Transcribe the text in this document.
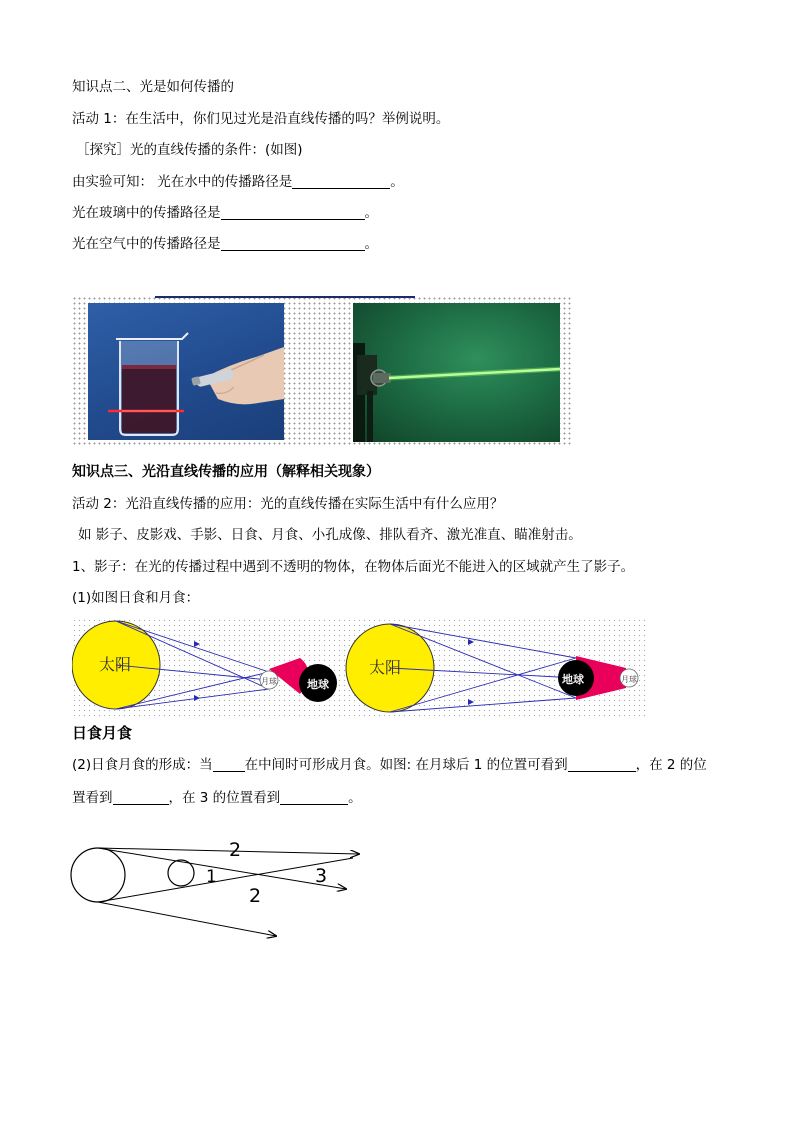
知识点二、光是如何传播的
活动 1：在生活中，你们见过光是沿直线传播的吗？举例说明。
［探究］光的直线传播的条件：(如图)
由实验可知： 光在水中的传播路径是	。
光在玻璃中的传播路径是	。
光在空气中的传播路径是	。
知识点三、光沿直线传播的应用（解释相关现象）
活动 2：光沿直线传播的应用：光的直线传播在实际生活中有什么应用？
如 影子、皮影戏、手影、日食、月食、小孔成像、排队看齐、激光准直、瞄准射击。
1、影子：在光的传播过程中遇到不透明的物体，在物体后面光不能进入的区域就产生了影子。
(1)如图日食和月食：
太阳
月球	地球
太阳
地球	月球
日食月食
(2)日食月食的形成：当 在中间时可形成月食。如图: 在月球后 1 的位置可看到	，在 2 的位
置看到	，在 3 的位置看到	。
1
2
2
3
